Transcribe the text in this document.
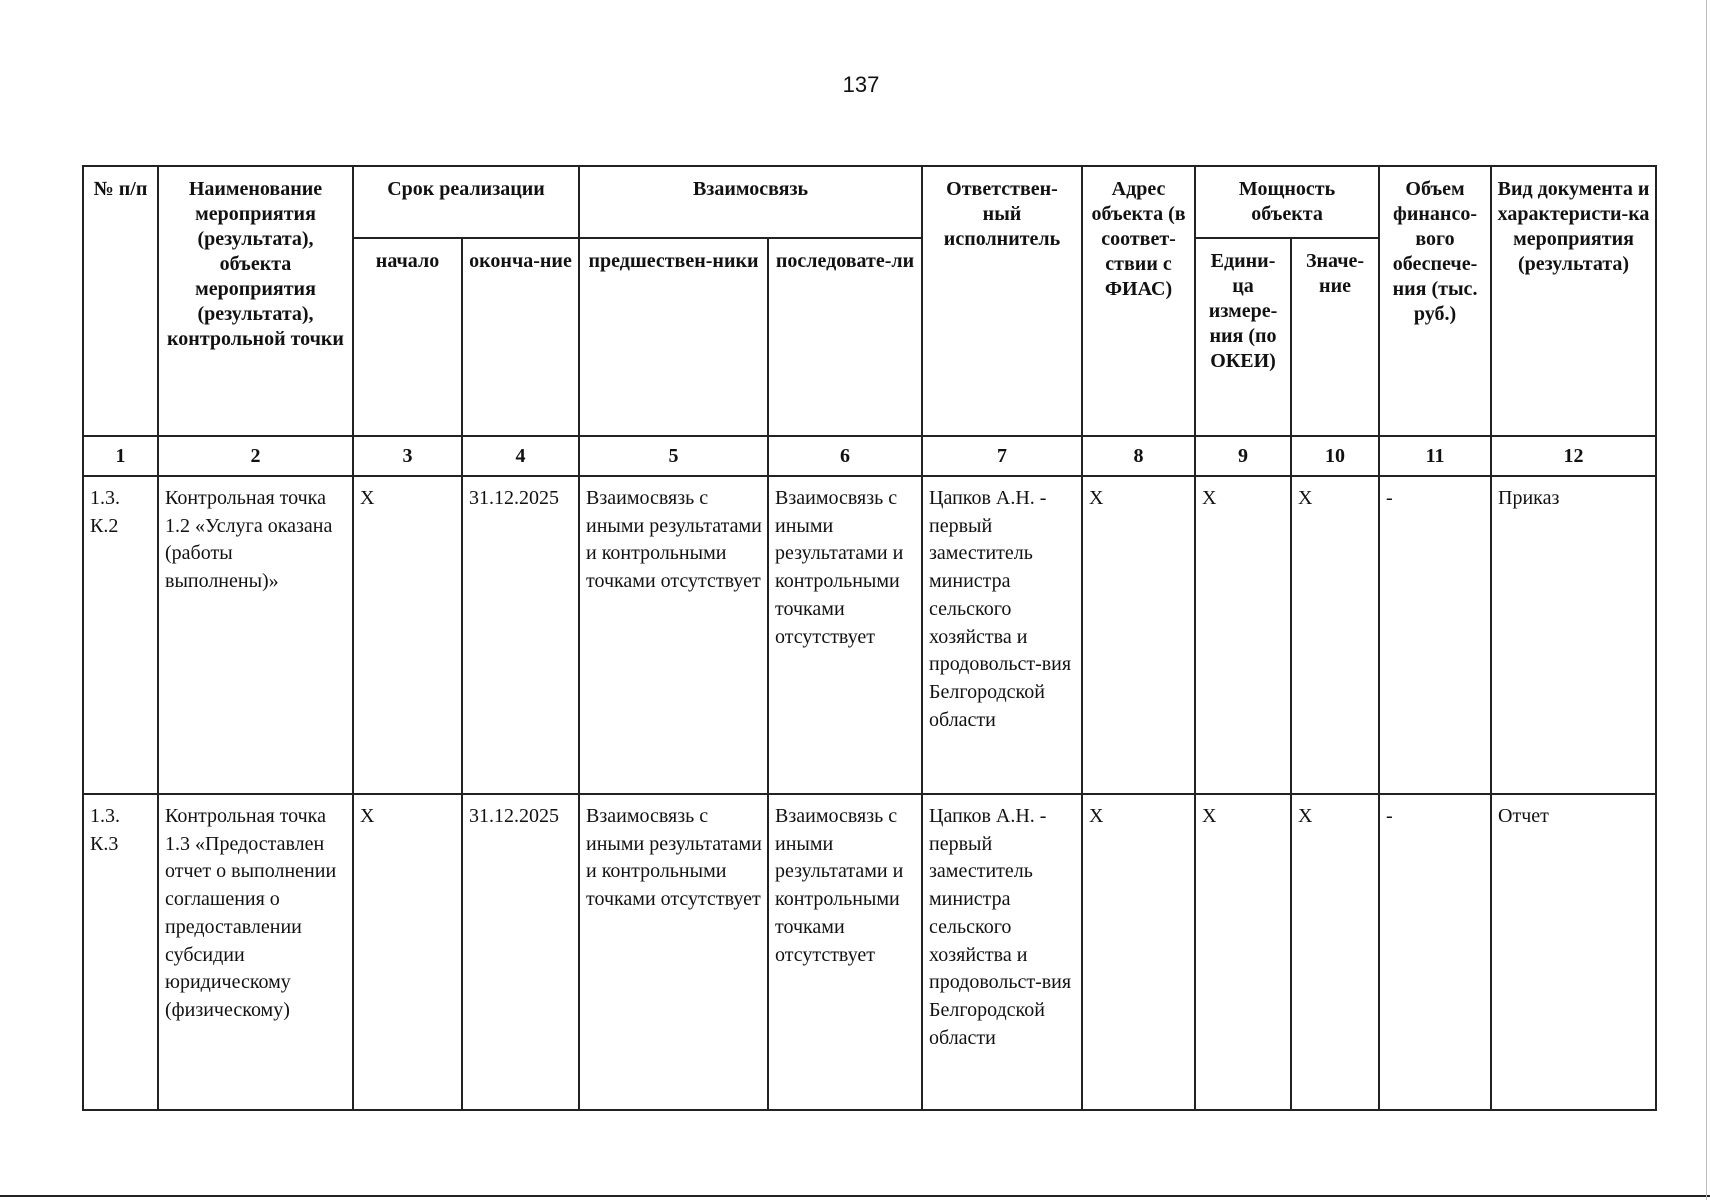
137
№ п/п	Наименование мероприятия (результата), объекта мероприятия (результата), контрольной точки	Срок реализации		Взаимосвязь		Ответствен-ный исполнитель	Адрес объекта (в соответ-ствии с ФИАС)	Мощность объекта		Объем финансо-вого обеспече-ния (тыс. руб.)	Вид документа и характеристи-ка мероприятия (результата)
		начало	оконча-ние	предшествен-ники	последовате-ли			Едини-ца измере-ния (по ОКЕИ)	Значе-ние		
1	2	3	4	5	6	7	8	9	10	11	12
1.3. К.2	Контрольная точка 1.2 «Услуга оказана (работы выполнены)»	X	31.12.2025	Взаимосвязь с иными результатами и контрольными точками отсутствует	Взаимосвязь с иными результатами и контрольными точками отсутствует	Цапков А.Н. - первый заместитель министра сельского хозяйства и продовольст-вия Белгородской области	X	X	X	-	Приказ
1.3. К.3	Контрольная точка 1.3 «Предоставлен отчет о выполнении соглашения о предоставлении субсидии юридическому (физическому)	X	31.12.2025	Взаимосвязь с иными результатами и контрольными точками отсутствует	Взаимосвязь с иными результатами и контрольными точками отсутствует	Цапков А.Н. - первый заместитель министра сельского хозяйства и продовольст-вия Белгородской области	X	X	X	-	Отчет
